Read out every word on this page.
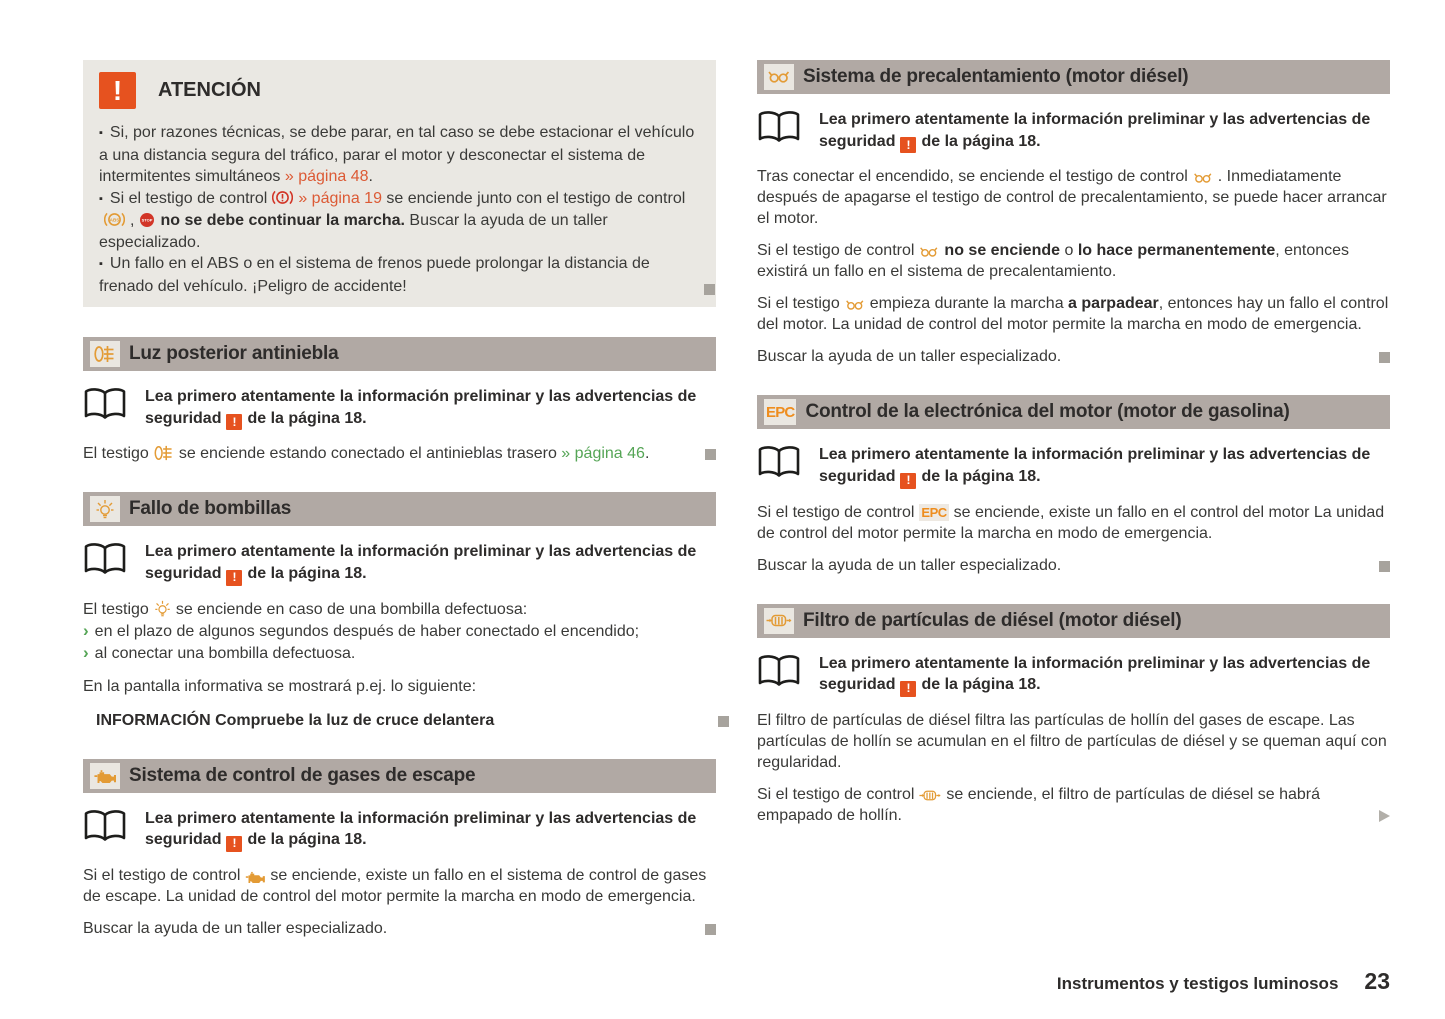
!	ATENCIÓN

▪ Si, por razones técnicas, se debe parar, en tal caso se debe estacionar el vehículo a una distancia segura del tráfico, parar el motor y desconectar el sistema de intermitentes simultáneos » página 48.

▪ Si el testigo de control » página 19 se enciende junto con el testigo de control
ABS , STOP no se debe continuar la marcha. Buscar la ayuda de un taller especializado.

▪ Un fallo en el ABS o en el sistema de frenos puede prolongar la distancia de frenado del vehículo. ¡Peligro de accidente!

Luz posterior antiniebla

Lea primero atentamente la información preliminar y las advertencias de seguridad ! de la página 18.

El testigo se enciende estando conectado el antinieblas trasero » página 46.

Fallo de bombillas

Lea primero atentamente la información preliminar y las advertencias de seguridad ! de la página 18.

El testigo se enciende en caso de una bombilla defectuosa:

› en el plazo de algunos segundos después de haber conectado el encendido;

› al conectar una bombilla defectuosa.

En la pantalla informativa se mostrará p.ej. lo siguiente:

INFORMACIÓN Compruebe la luz de cruce delantera

Sistema de control de gases de escape

Lea primero atentamente la información preliminar y las advertencias de seguridad ! de la página 18.

Si el testigo de control se enciende, existe un fallo en el sistema de control de gases de escape. La unidad de control del motor permite la marcha en modo de emergencia.

Buscar la ayuda de un taller especializado.

Sistema de precalentamiento (motor diésel)

Lea primero atentamente la información preliminar y las advertencias de seguridad ! de la página 18.

Tras conectar el encendido, se enciende el testigo de control . Inmediatamente después de apagarse el testigo de control de precalentamiento, se puede hacer arrancar el motor.

Si el testigo de control no se enciende o lo hace permanentemente, entonces existirá un fallo en el sistema de precalentamiento.

Si el testigo empieza durante la marcha a parpadear, entonces hay un fallo el control del motor. La unidad de control del motor permite la marcha en modo de emergencia.

Buscar la ayuda de un taller especializado.

EPC Control de la electrónica del motor (motor de gasolina)

Lea primero atentamente la información preliminar y las advertencias de seguridad ! de la página 18.

Si el testigo de control EPC se enciende, existe un fallo en el control del motor La unidad de control del motor permite la marcha en modo de emergencia.

Buscar la ayuda de un taller especializado.

Filtro de partículas de diésel (motor diésel)

Lea primero atentamente la información preliminar y las advertencias de seguridad ! de la página 18.

El filtro de partículas de diésel filtra las partículas de hollín del gases de escape. Las partículas de hollín se acumulan en el filtro de partículas de diésel y se queman aquí con regularidad.

Si el testigo de control se enciende, el filtro de partículas de diésel se habrá empapado de hollín.

Instrumentos y testigos luminosos 23
